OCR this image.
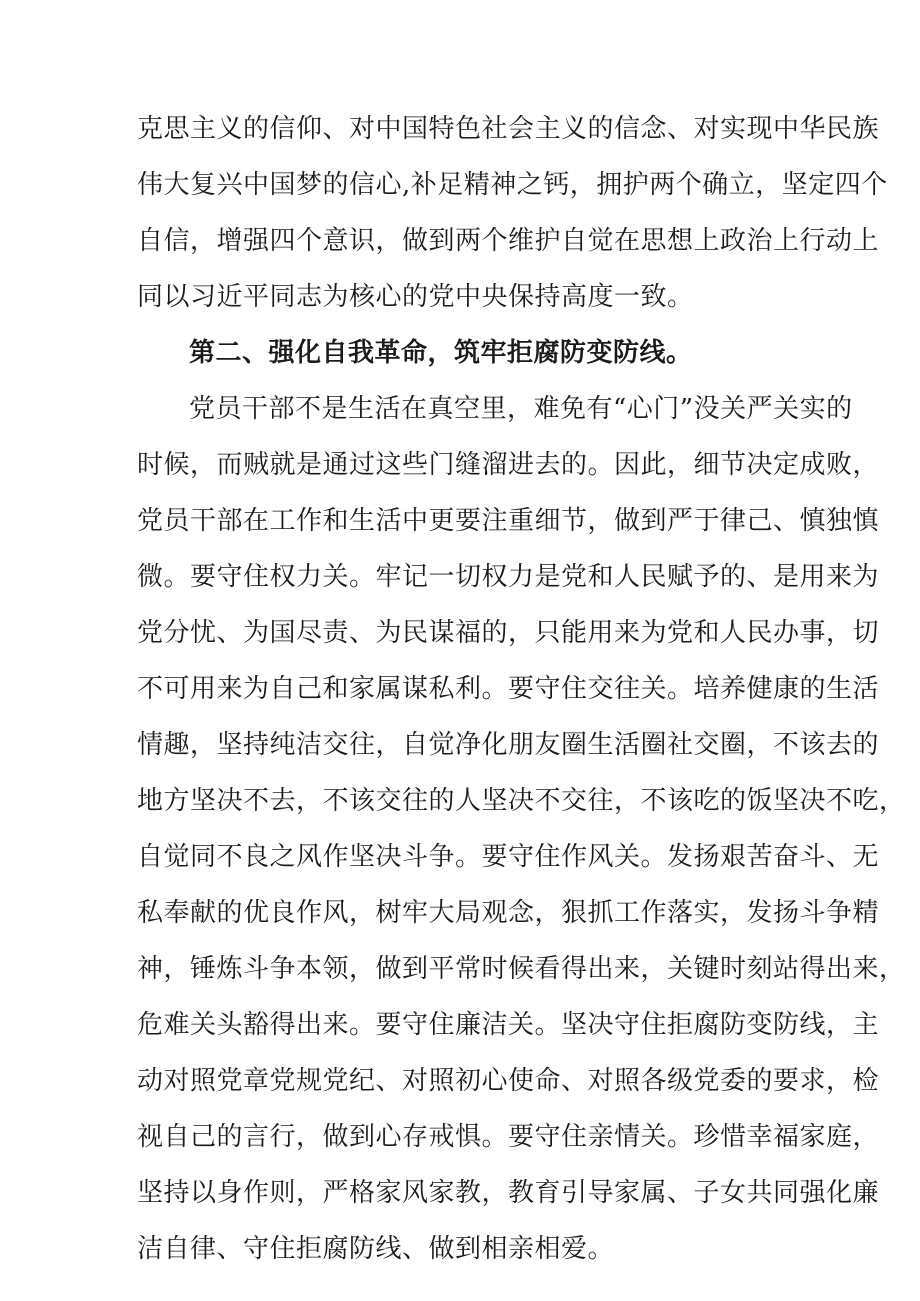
克思主义的信仰、对中国特色社会主义的信念、对实现中华民族
伟大复兴中国梦的信心,补足精神之钙，拥护两个确立，坚定四个
自信，增强四个意识，做到两个维护自觉在思想上政治上行动上
同以习近平同志为核心的党中央保持高度一致。
第二、强化自我革命，筑牢拒腐防变防线。
党员干部不是生活在真空里，难免有“心门”没关严关实的
时候，而贼就是通过这些门缝溜进去的。因此，细节决定成败，
党员干部在工作和生活中更要注重细节，做到严于律己、慎独慎
微。要守住权力关。牢记一切权力是党和人民赋予的、是用来为
党分忧、为国尽责、为民谋福的，只能用来为党和人民办事，切
不可用来为自己和家属谋私利。要守住交往关。培养健康的生活
情趣，坚持纯洁交往，自觉净化朋友圈生活圈社交圈，不该去的
地方坚决不去，不该交往的人坚决不交往，不该吃的饭坚决不吃，
自觉同不良之风作坚决斗争。要守住作风关。发扬艰苦奋斗、无
私奉献的优良作风，树牢大局观念，狠抓工作落实，发扬斗争精
神，锤炼斗争本领，做到平常时候看得出来，关键时刻站得出来，
危难关头豁得出来。要守住廉洁关。坚决守住拒腐防变防线，主
动对照党章党规党纪、对照初心使命、对照各级党委的要求，检
视自己的言行，做到心存戒惧。要守住亲情关。珍惜幸福家庭，
坚持以身作则，严格家风家教，教育引导家属、子女共同强化廉
洁自律、守住拒腐防线、做到相亲相爱。
